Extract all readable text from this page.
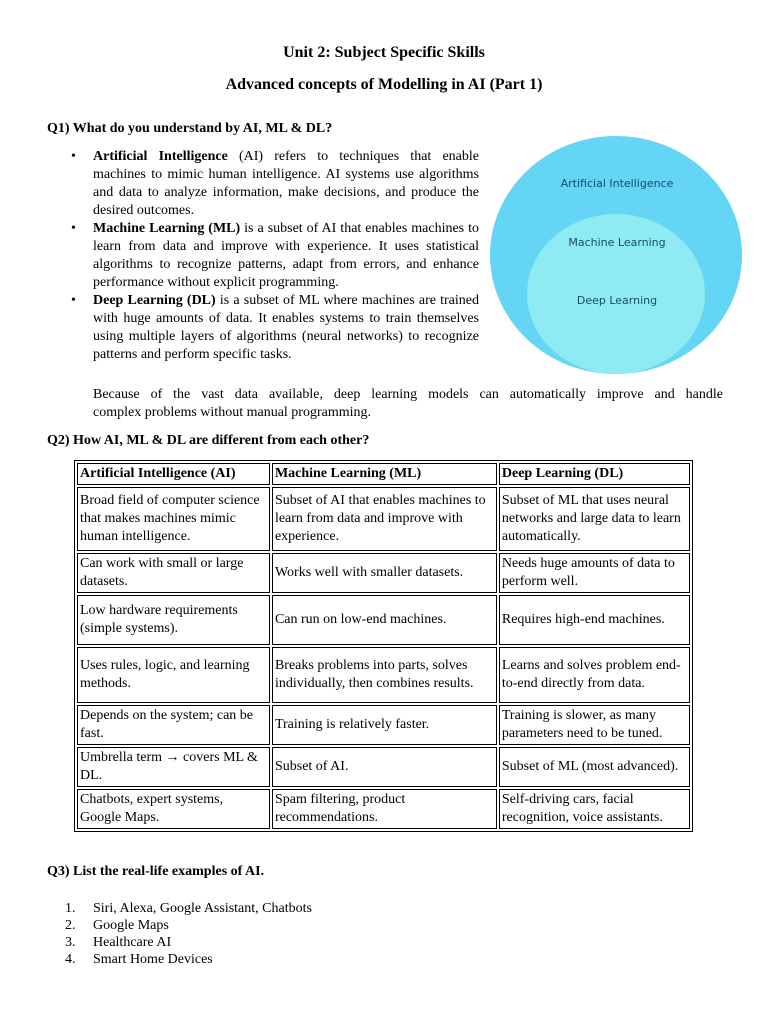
Unit 2: Subject Specific Skills
Advanced concepts of Modelling in AI (Part 1)
Q1) What do you understand by AI, ML & DL?
• Artificial Intelligence (AI) refers to techniques that enable machines to mimic human intelligence. AI systems use algorithms and data to analyze information, make decisions, and produce the desired outcomes.
• Machine Learning (ML) is a subset of AI that enables machines to learn from data and improve with experience. It uses statistical algorithms to recognize patterns, adapt from errors, and enhance performance without explicit programming.
• Deep Learning (DL) is a subset of ML where machines are trained with huge amounts of data. It enables systems to train themselves using multiple layers of algorithms (neural networks) to recognize patterns and perform specific tasks.
Because of the vast data available, deep learning models can automatically improve and handle
complex problems without manual programming.
Artificial Intelligence
Machine Learning
Deep Learning
Q2) How AI, ML & DL are different from each other?
Artificial Intelligence (AI)	Machine Learning (ML)	Deep Learning (DL)
Broad field of computer science that makes machines mimic human intelligence.	Subset of AI that enables machines to learn from data and improve with experience.	Subset of ML that uses neural networks and large data to learn automatically.
Can work with small or large datasets.	Works well with smaller datasets.	Needs huge amounts of data to perform well.
Low hardware requirements (simple systems).	Can run on low-end machines.	Requires high-end machines.
Uses rules, logic, and learning methods.	Breaks problems into parts, solves individually, then combines results.	Learns and solves problem end-to-end directly from data.
Depends on the system; can be fast.	Training is relatively faster.	Training is slower, as many parameters need to be tuned.
Umbrella term → covers ML & DL.	Subset of AI.	Subset of ML (most advanced).
Chatbots, expert systems, Google Maps.	Spam filtering, product recommendations.	Self-driving cars, facial recognition, voice assistants.
Q3) List the real-life examples of AI.
1. Siri, Alexa, Google Assistant, Chatbots
2. Google Maps
3. Healthcare AI
4. Smart Home Devices
